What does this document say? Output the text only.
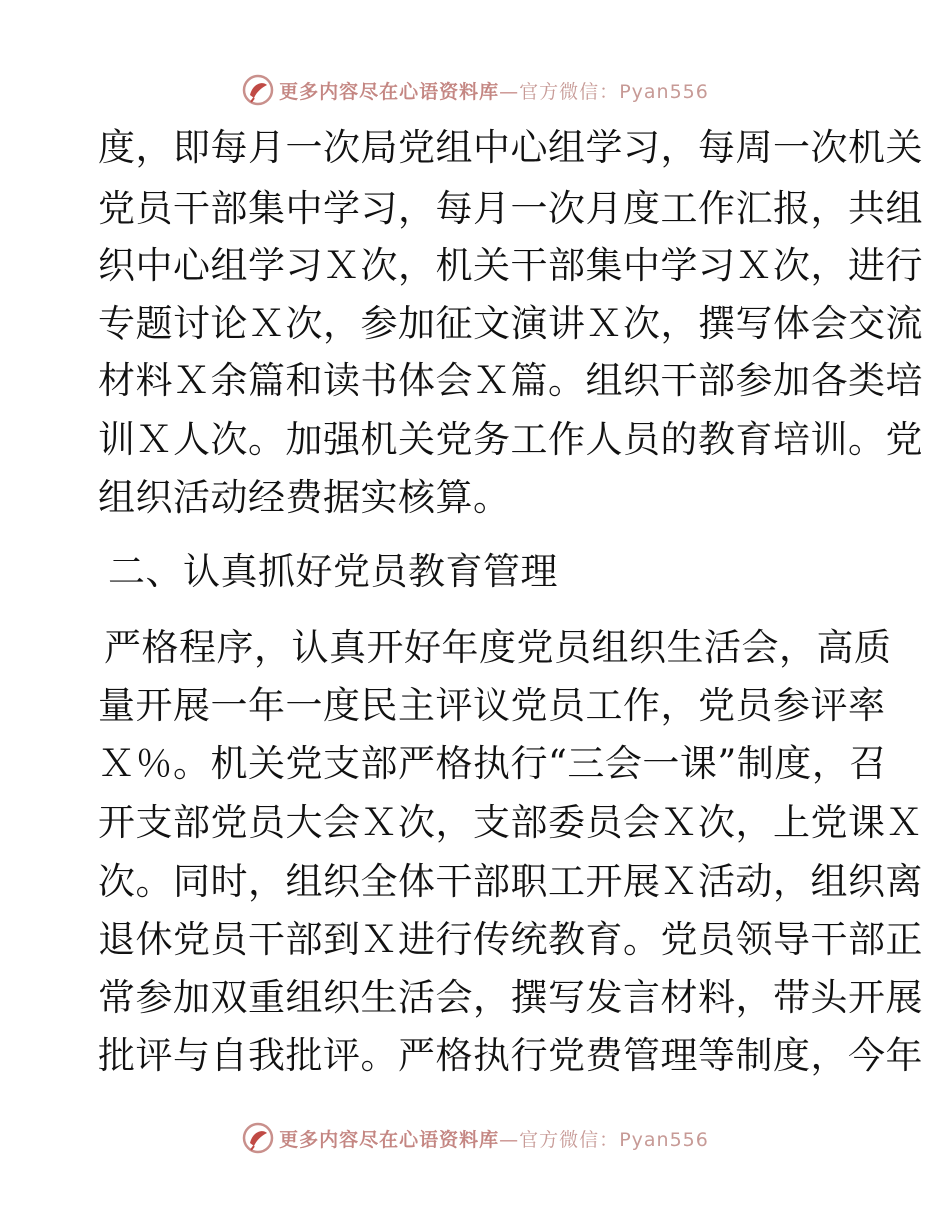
更多内容尽在心语资料库—官方微信：Pyan556
度，即每月一次局党组中心组学习，每周一次机关
党员干部集中学习，每月一次月度工作汇报，共组
织中心组学习Ｘ次，机关干部集中学习Ｘ次，进行
专题讨论Ｘ次，参加征文演讲Ｘ次，撰写体会交流
材料Ｘ余篇和读书体会Ｘ篇。组织干部参加各类培
训Ｘ人次。加强机关党务工作人员的教育培训。党
组织活动经费据实核算。
二、认真抓好党员教育管理
严格程序，认真开好年度党员组织生活会，高质
量开展一年一度民主评议党员工作，党员参评率
Ｘ％。机关党支部严格执行“三会一课”制度，召
开支部党员大会Ｘ次，支部委员会Ｘ次，上党课Ｘ
次。同时，组织全体干部职工开展Ｘ活动，组织离
退休党员干部到Ｘ进行传统教育。党员领导干部正
常参加双重组织生活会，撰写发言材料，带头开展
批评与自我批评。严格执行党费管理等制度，今年
更多内容尽在心语资料库—官方微信：Pyan556
